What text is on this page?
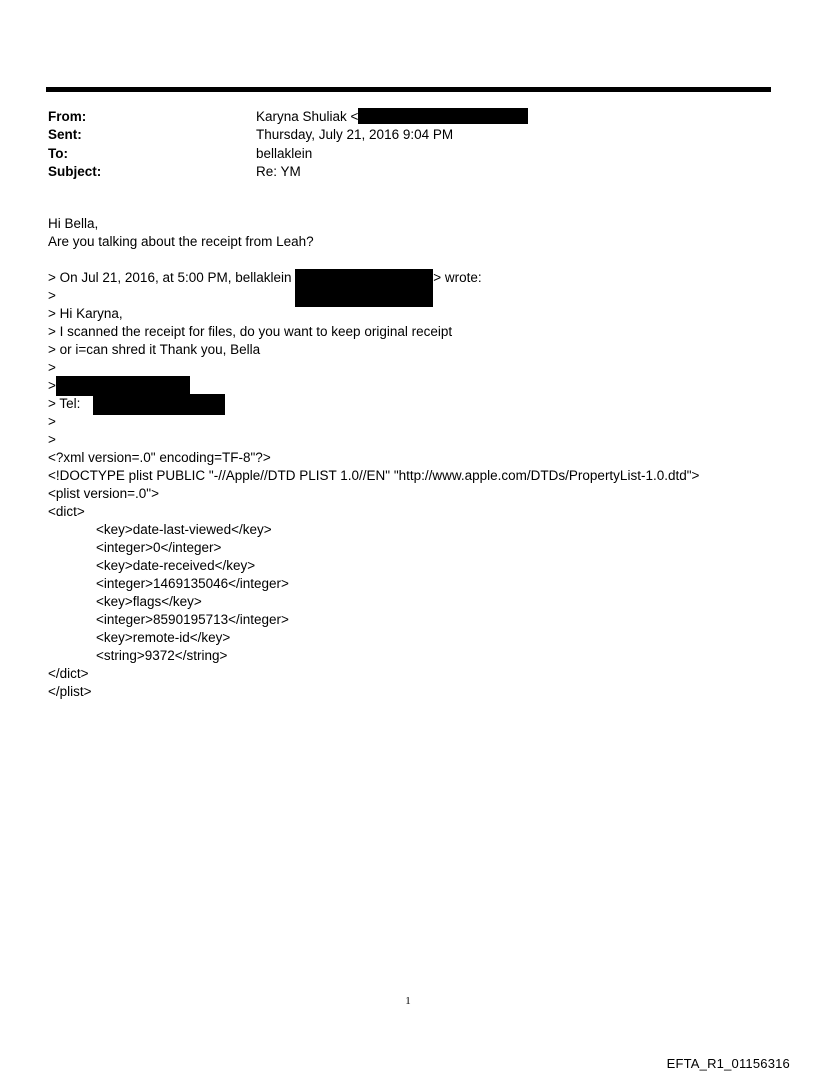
From:	Karyna Shuliak <
Sent:	Thursday, July 21, 2016 9:04 PM
To:	bellaklein
Subject:	Re: YM
Hi Bella,
Are you talking about the receipt from Leah?
> On Jul 21, 2016, at 5:00 PM, bellaklein	> wrote:
>
> Hi Karyna,
> I scanned the receipt for files, do you want to keep original receipt
> or i=can shred it Thank you, Bella
>
>
> Tel:
>
>
<?xml version=.0" encoding=TF-8"?>
<!DOCTYPE plist PUBLIC "-//Apple//DTD PLIST 1.0//EN" "http://www.apple.com/DTDs/PropertyList-1.0.dtd">
<plist version=.0">
<dict>
<key>date-last-viewed</key>
<integer>0</integer>
<key>date-received</key>
<integer>1469135046</integer>
<key>flags</key>
<integer>8590195713</integer>
<key>remote-id</key>
<string>9372</string>
</dict>
</plist>
1
EFTA_R1_01156316
